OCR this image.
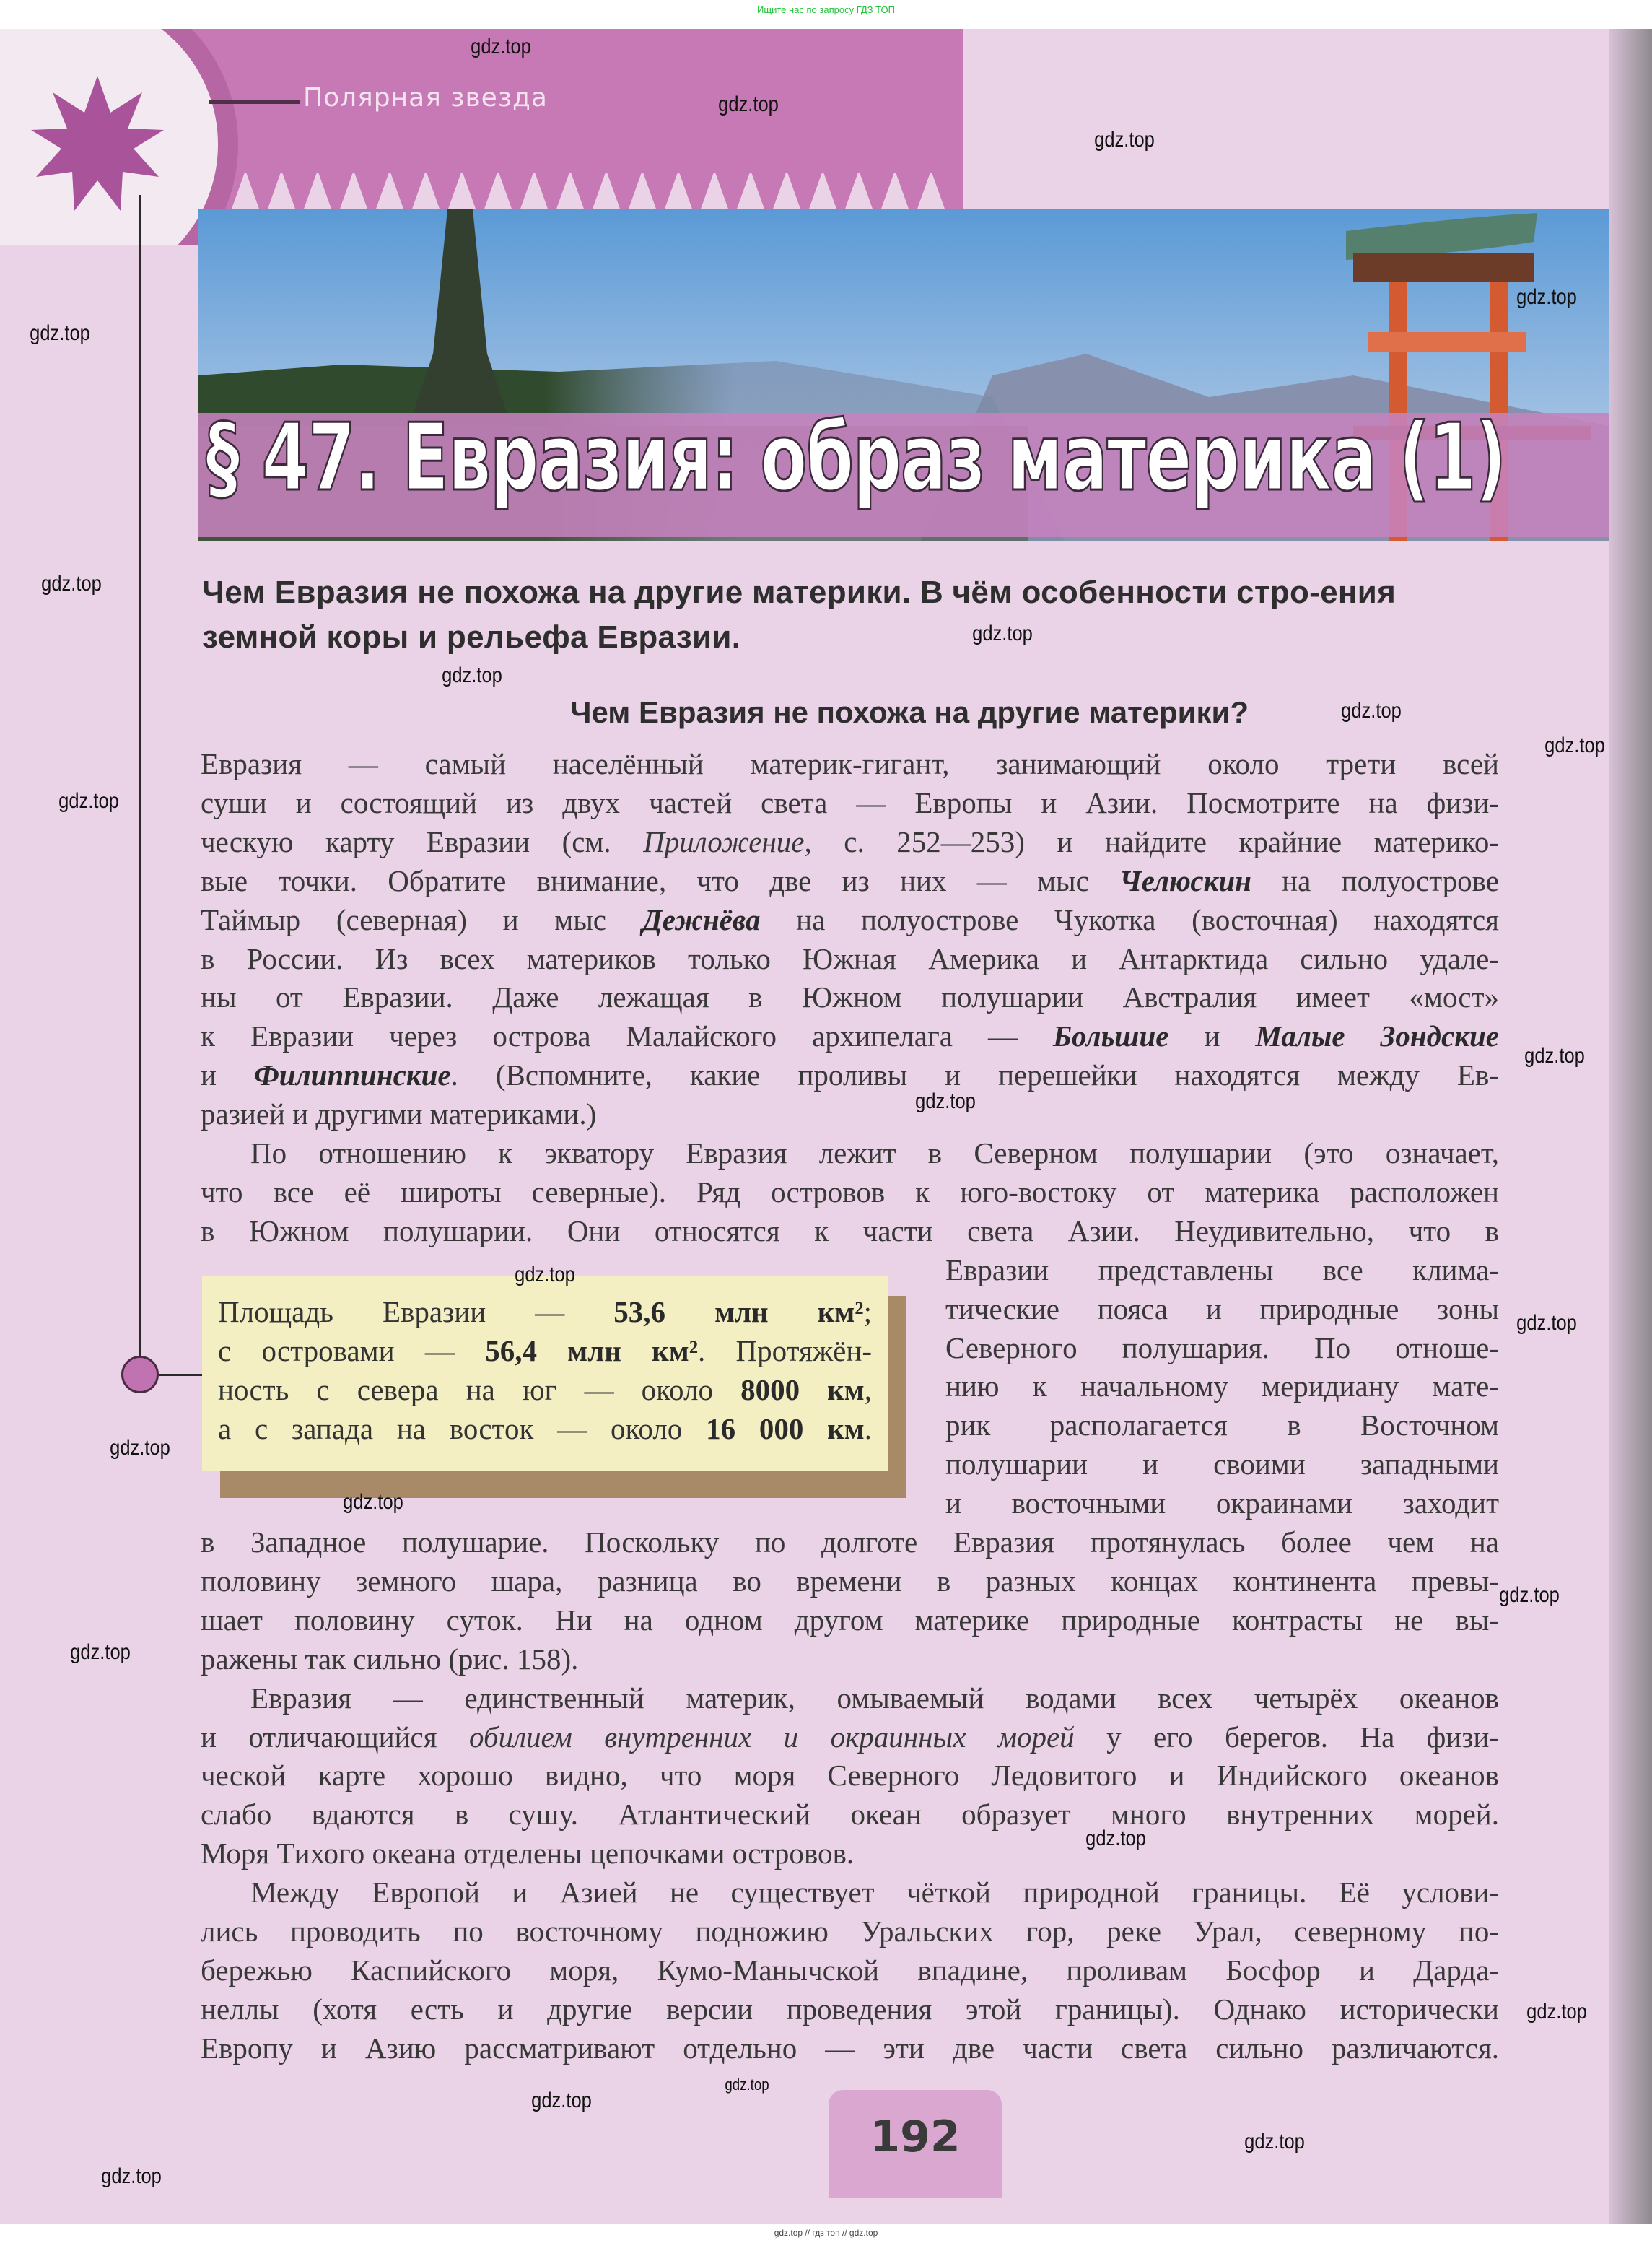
Ищите нас по запросу ГДЗ ТОП
Полярная звезда
§ 47. Евразия: образ материка (1)
Чем Евразия не похожа на другие материки. В чём особенности стро-ения земной коры и рельефа Евразии.
Чем Евразия не похожа на другие материки?
Площадь Евразии — 53,6 млн км²;
с островами — 56,4 млн км². Протяжён-
ность с севера на юг — около 8000 км,
а с запада на восток — около 16 000 км.
Евразия — самый населённый материк-гигант, занимающий около трети всей
суши и состоящий из двух частей света — Европы и Азии. Посмотрите на физи-
ческую карту Евразии (см. Приложение, с. 252—253) и найдите крайние материко-
вые точки. Обратите внимание, что две из них — мыс Челюскин на полуострове
Таймыр (северная) и мыс Дежнёва на полуострове Чукотка (восточная) находятся
в России. Из всех материков только Южная Америка и Антарктида сильно удале-
ны от Евразии. Даже лежащая в Южном полушарии Австралия имеет «мост»
к Евразии через острова Малайского архипелага — Большие и Малые Зондские
и Филиппинские. (Вспомните, какие проливы и перешейки находятся между Ев-
разией и другими материками.)
По отношению к экватору Евразия лежит в Северном полушарии (это означает,
что все её широты северные). Ряд островов к юго-востоку от материка расположен
в Южном полушарии. Они относятся к части света Азии. Неудивительно, что в
Евразии представлены все клима-
тические пояса и природные зоны
Северного полушария. По отноше-
нию к начальному меридиану мате-
рик располагается в Восточном
полушарии и своими западными
и восточными окраинами заходит
в Западное полушарие. Поскольку по долготе Евразия протянулась более чем на
половину земного шара, разница во времени в разных концах континента превы-
шает половину суток. Ни на одном другом материке природные контрасты не вы-
ражены так сильно (рис. 158).
Евразия — единственный материк, омываемый водами всех четырёх океанов
и отличающийся обилием внутренних и окраинных морей у его берегов. На физи-
ческой карте хорошо видно, что моря Северного Ледовитого и Индийского океанов
слабо вдаются в сушу. Атлантический океан образует много внутренних морей.
Моря Тихого океана отделены цепочками островов.
Между Европой и Азией не существует чёткой природной границы. Её услови-
лись проводить по восточному подножию Уральских гор, реке Урал, северному по-
бережью Каспийского моря, Кумо-Манычской впадине, проливам Босфор и Дарда-
неллы (хотя есть и другие версии проведения этой границы). Однако исторически
Европу и Азию рассматривают отдельно — эти две части света сильно различаются.
192
gdz.top
gdz.top
gdz.top
gdz.top
gdz.top
gdz.top
gdz.top
gdz.top
gdz.top
gdz.top
gdz.top
gdz.top
gdz.top
gdz.top
gdz.top
gdz.top
gdz.top
gdz.top
gdz.top
gdz.top
gdz.top
gdz.top
gdz.top
gdz.top
gdz.top
gdz.top // гдз топ // gdz.top
